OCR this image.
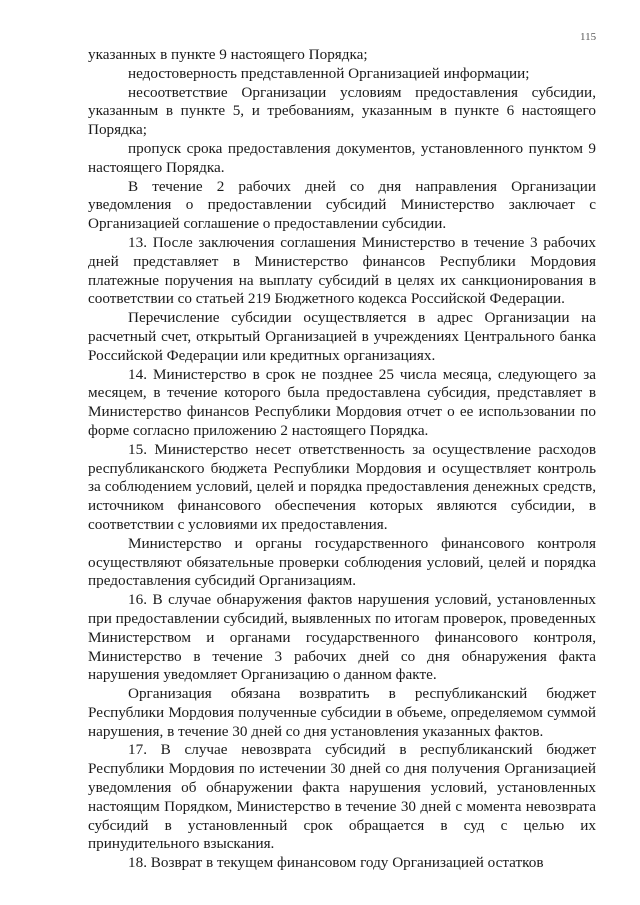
115

указанных в пункте 9 настоящего Порядка;

недостоверность представленной Организацией информации;

несоответствие Организации условиям предоставления субсидии, указанным в пункте 5, и требованиям, указанным в пункте 6 настоящего Порядка;

пропуск срока предоставления документов, установленного пунктом 9 настоящего Порядка.

В течение 2 рабочих дней со дня направления Организации уведомления о предоставлении субсидий Министерство заключает с Организацией соглашение о предоставлении субсидии.

13. После заключения соглашения Министерство в течение 3 рабочих дней представляет в Министерство финансов Республики Мордовия платежные поручения на выплату субсидий в целях их санкционирования в соответствии со статьей 219 Бюджетного кодекса Российской Федерации.

Перечисление субсидии осуществляется в адрес Организации на расчетный счет, открытый Организацией в учреждениях Центрального банка Российской Федерации или кредитных организациях.

14. Министерство в срок не позднее 25 числа месяца, следующего за месяцем, в течение которого была предоставлена субсидия, представляет в Министерство финансов Республики Мордовия отчет о ее использовании по форме согласно приложению 2 настоящего Порядка.

15. Министерство несет ответственность за осуществление расходов республиканского бюджета Республики Мордовия и осуществляет контроль за соблюдением условий, целей и порядка предоставления денежных средств, источником финансового обеспечения которых являются субсидии, в соответствии с условиями их предоставления.

Министерство и органы государственного финансового контроля осуществляют обязательные проверки соблюдения условий, целей и порядка предоставления субсидий Организациям.

16. В случае обнаружения фактов нарушения условий, установленных при предоставлении субсидий, выявленных по итогам проверок, проведенных Министерством и органами государственного финансового контроля, Министерство в течение 3 рабочих дней со дня обнаружения факта нарушения уведомляет Организацию о данном факте.

Организация обязана возвратить в республиканский бюджет Республики Мордовия полученные субсидии в объеме, определяемом суммой нарушения, в течение 30 дней со дня установления указанных фактов.

17. В случае невозврата субсидий в республиканский бюджет Республики Мордовия по истечении 30 дней со дня получения Организацией уведомления об обнаружении факта нарушения условий, установленных настоящим Порядком, Министерство в течение 30 дней с момента невозврата субсидий в установленный срок обращается в суд с целью их принудительного взыскания.

18. Возврат в текущем финансовом году Организацией остатков
